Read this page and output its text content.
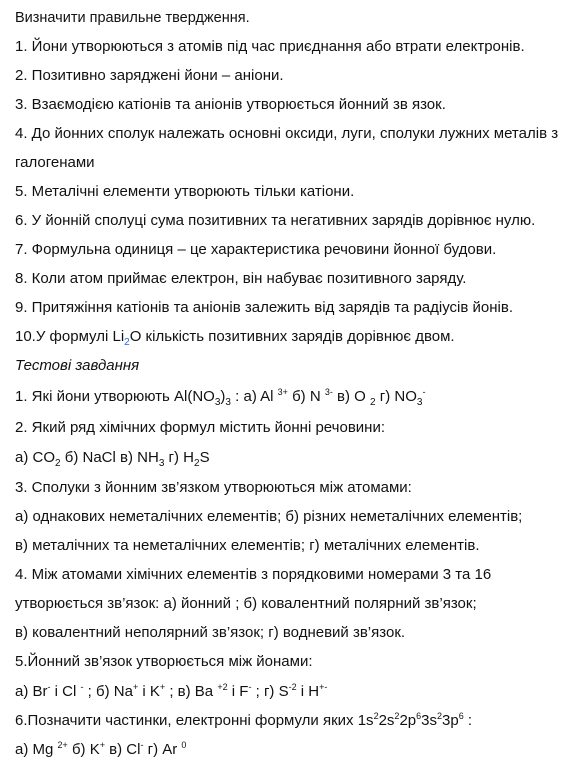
Визначити правильне твердження.
1. Йони утворюються з атомів під час приєднання або втрати електронів.
2. Позитивно заряджені йони – аніони.
3. Взаємодією катіонів та аніонів утворюється йонний зв язок.
4. До йонних сполук належать основні оксиди, луги, сполуки лужних металів з
галогенами
5. Металічні елементи утворюють тільки катіони.
6. У йонній сполуці сума позитивних та негативних зарядів дорівнює нулю.
7. Формульна одиниця – це характеристика речовини йонної будови.
8. Коли атом приймає електрон, він набуває позитивного заряду.
9. Притяжіння катіонів та аніонів залежить від зарядів та радіусів йонів.
10.У формулі $Li_2O$ кількість позитивних зарядів дорівнює двом.
Тестові завдання
1. Які йони утворюють $Al(NO_3)_3$ : а) Al $^{3+}$ б) N $^{3-}$ в) O $_2$ г) $NO_3^-$
2. Який ряд хімічних формул містить йонні речовини:
а) $CO_2$ б) NaCl в) $NH_3$ г) $H_2S$
3. Сполуки з йонним зв’язком утворюються між атомами:
а) однакових неметалічних елементів; б) різних неметалічних елементів;
в) металічних та неметалічних елементів; г) металічних елементів.
4. Між атомами хімічних елементів з порядковими номерами 3 та 16
утворюється зв’язок: а) йонний ; б) ковалентний полярний зв’язок;
в) ковалентний неполярний зв’язок; г) водневий зв’язок.
5.Йонний зв’язок утворюється між йонами:
а) Br- і Cl - ; б) Na+ і K+ ; в) Ba $^{+2}$ і F- ; г) $S^{-2}$ і H+-
6.Позначити частинки, електронні формули яких $1s^22s^22p^63s^23p^6$ :
а) Mg $^{2+}$ б) K+ в) Cl- г) Ar $^0$
